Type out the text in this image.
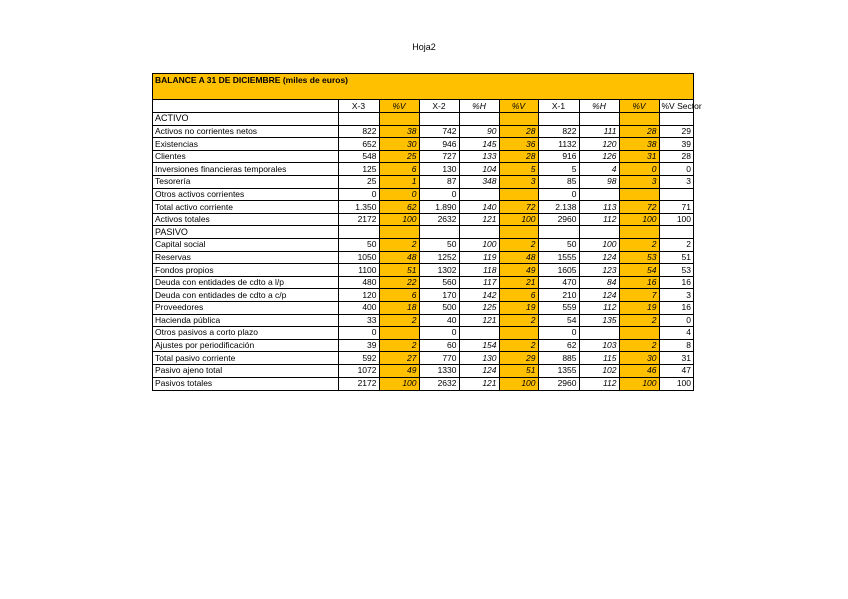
Hoja2
BALANCE A 31 DE DICIEMBRE (miles de euros)
	X-3	%V	X-2	%H	%V	X-1	%H	%V	%V Sector
ACTIVO									
Activos no corrientes netos	822	38	742	90	28	822	111	28	29
Existencias	652	30	946	145	36	1132	120	38	39
Clientes	548	25	727	133	28	916	126	31	28
Inversiones financieras temporales	125	6	130	104	5	5	4	0	0
Tesorería	25	1	87	348	3	85	98	3	3
Otros activos corrientes	0	0	0			0			
Total activo corriente	1.350	62	1.890	140	72	2.138	113	72	71
Activos totales	2172	100	2632	121	100	2960	112	100	100
PASIVO									
Capital social	50	2	50	100	2	50	100	2	2
Reservas	1050	48	1252	119	48	1555	124	53	51
Fondos propios	1100	51	1302	118	49	1605	123	54	53
Deuda con entidades de cdto a l/p	480	22	560	117	21	470	84	16	16
Deuda con entidades de cdto a c/p	120	6	170	142	6	210	124	7	3
Proveedores	400	18	500	125	19	559	112	19	16
Hacienda pública	33	2	40	121	2	54	135	2	0
Otros pasivos a corto plazo	0		0			0			4
Ajustes por periodificación	39	2	60	154	2	62	103	2	8
Total pasivo corriente	592	27	770	130	29	885	115	30	31
Pasivo ajeno total	1072	49	1330	124	51	1355	102	46	47
Pasivos totales	2172	100	2632	121	100	2960	112	100	100
